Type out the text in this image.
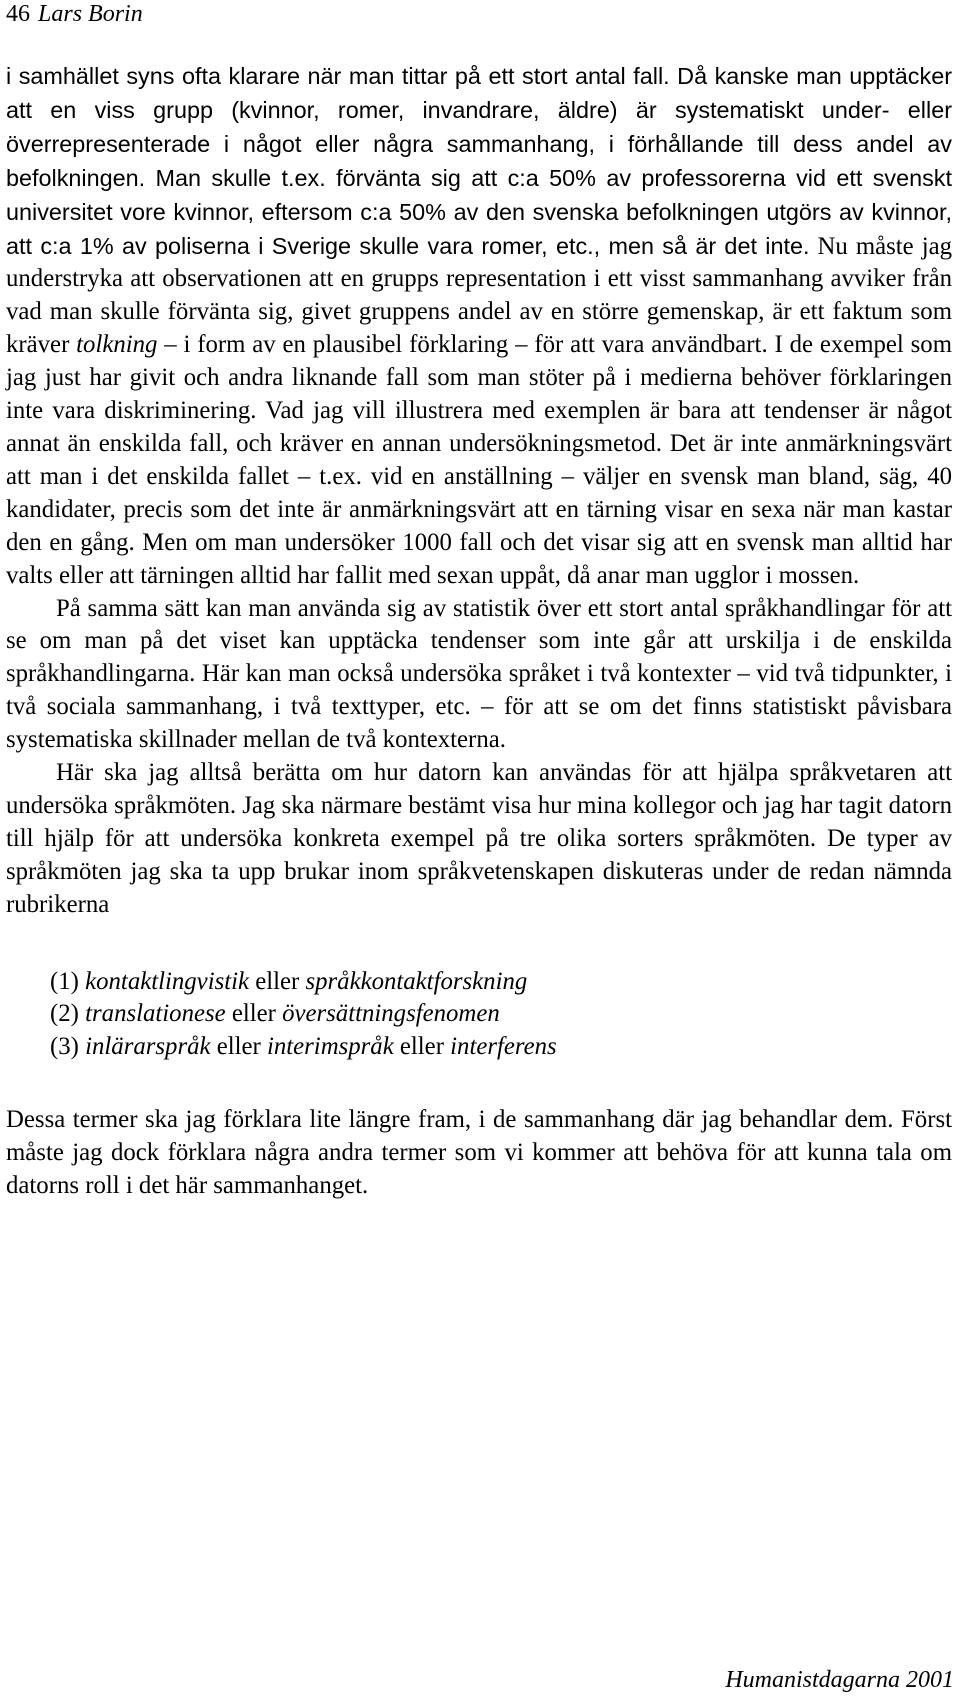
46 Lars Borin

i samhället syns ofta klarare när man tittar på ett stort antal fall. Då kanske man upptäcker att en viss grupp (kvinnor, romer, invandrare, äldre) är systematiskt under- eller överrepresenterade i något eller några sammanhang, i förhållande till dess andel av befolkningen. Man skulle t.ex. förvänta sig att c:a 50% av professorerna vid ett svenskt universitet vore kvinnor, eftersom c:a 50% av den svenska befolkningen utgörs av kvinnor, att c:a 1% av poliserna i Sverige skulle vara romer, etc., men så är det inte. Nu måste jag understryka att observationen att en grupps representation i ett visst sammanhang avviker från vad man skulle förvänta sig, givet gruppens andel av en större gemenskap, är ett faktum som kräver tolkning – i form av en plausibel förklaring – för att vara användbart. I de exempel som jag just har givit och andra liknande fall som man stöter på i medierna behöver förklaringen inte vara diskriminering. Vad jag vill illustrera med exemplen är bara att tendenser är något annat än enskilda fall, och kräver en annan undersökningsmetod. Det är inte anmärkningsvärt att man i det enskilda fallet – t.ex. vid en anställning – väljer en svensk man bland, säg, 40 kandidater, precis som det inte är anmärkningsvärt att en tärning visar en sexa när man kastar den en gång. Men om man undersöker 1000 fall och det visar sig att en svensk man alltid har valts eller att tärningen alltid har fallit med sexan uppåt, då anar man ugglor i mossen.

På samma sätt kan man använda sig av statistik över ett stort antal språkhandlingar för att se om man på det viset kan upptäcka tendenser som inte går att urskilja i de enskilda språkhandlingarna. Här kan man också undersöka språket i två kontexter – vid två tidpunkter, i två sociala sammanhang, i två texttyper, etc. – för att se om det finns statistiskt påvisbara systematiska skillnader mellan de två kontexterna.

Här ska jag alltså berätta om hur datorn kan användas för att hjälpa språkvetaren att undersöka språkmöten. Jag ska närmare bestämt visa hur mina kollegor och jag har tagit datorn till hjälp för att undersöka konkreta exempel på tre olika sorters språkmöten. De typer av språkmöten jag ska ta upp brukar inom språkvetenskapen diskuteras under de redan nämnda rubrikerna

(1) kontaktlingvistik eller språkkontaktforskning
(2) translationese eller översättningsfenomen
(3) inlärarspråk eller interimspråk eller interferens

Dessa termer ska jag förklara lite längre fram, i de sammanhang där jag behandlar dem. Först måste jag dock förklara några andra termer som vi kommer att behöva för att kunna tala om datorns roll i det här sammanhanget.

Humanistdagarna 2001
